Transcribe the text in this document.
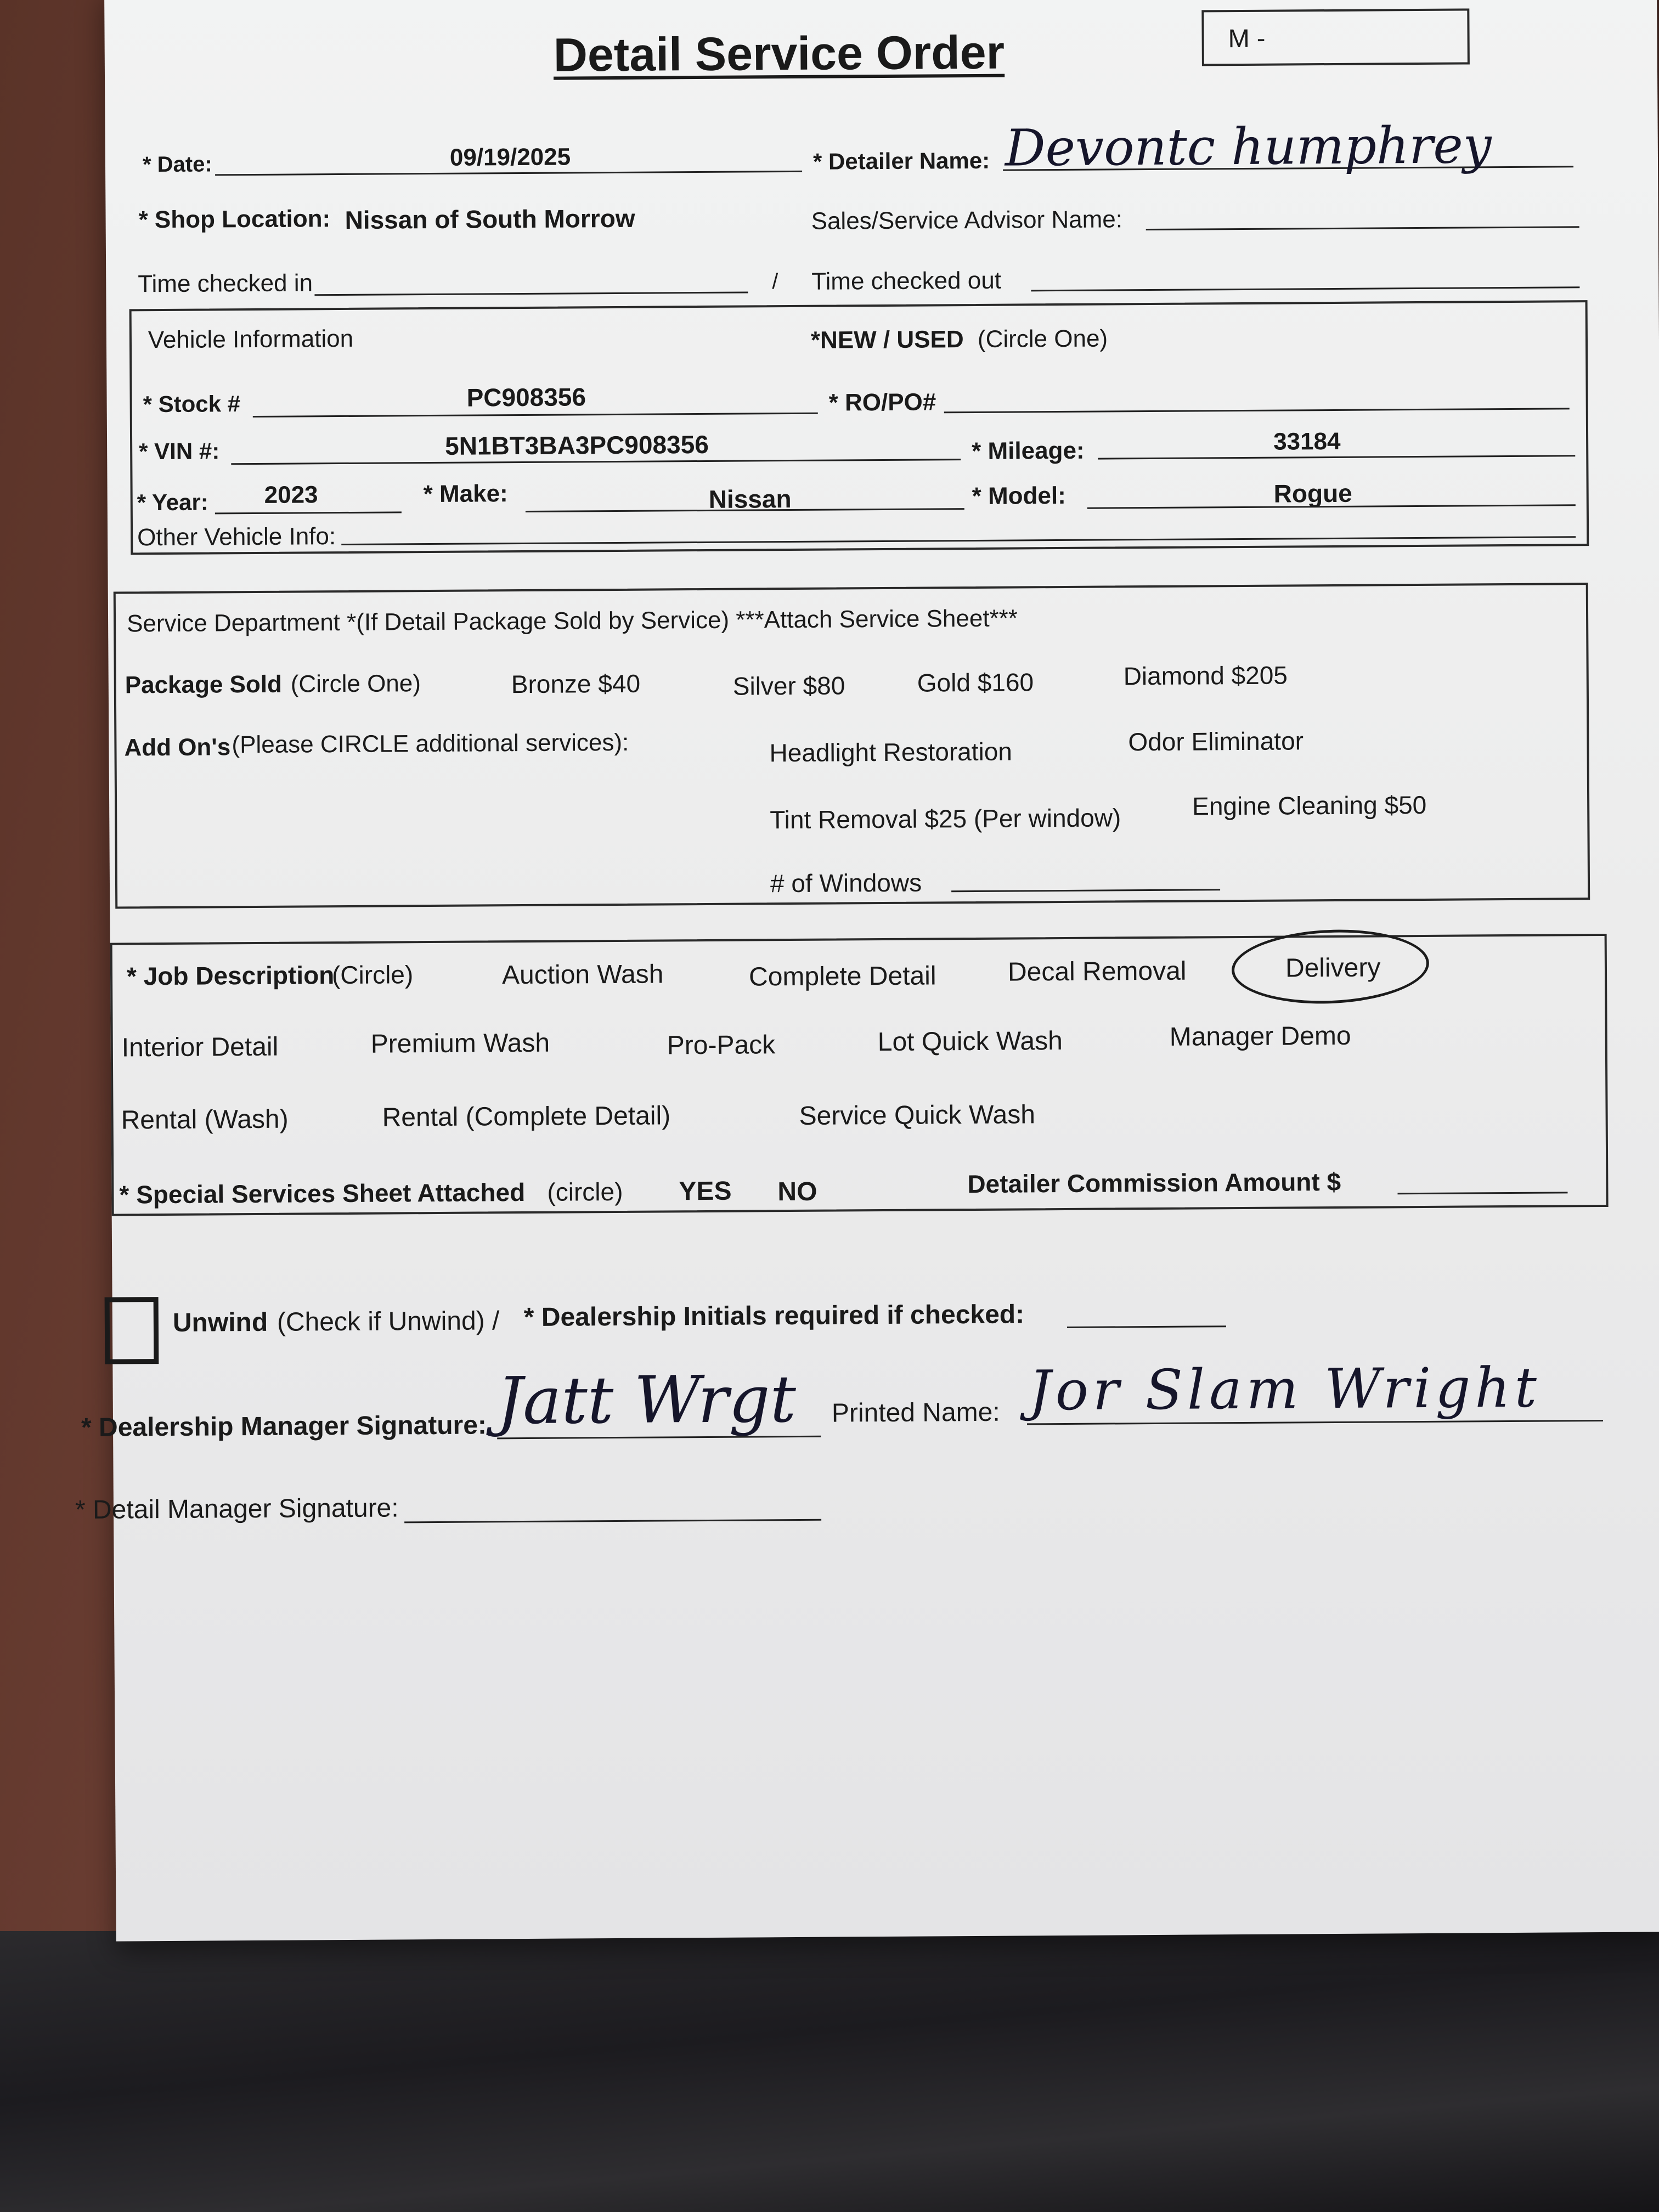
Detail Service Order	M -
* Date:	09/19/2025	* Detailer Name: Devontc humphrey
* Shop Location: Nissan of South Morrow	Sales/Service Advisor Name:
Time checked in	/ Time checked out
Vehicle Information	*NEW / USED (Circle One)
* Stock #	PC908356	* RO/PO#
* VIN #:	5N1BT3BA3PC908356	* Mileage:	33184
* Year: 2023	* Make:	Nissan	* Model:	Rogue
Other Vehicle Info:
Service Department *(If Detail Package Sold by Service) ***Attach Service Sheet***
Package Sold (Circle One)	Bronze $40	Silver $80	Gold $160	Diamond $205
Add On's (Please CIRCLE additional services):	Headlight Restoration	Odor Eliminator
Tint Removal $25 (Per window)	Engine Cleaning $50
# of Windows
* Job Description
(Circle)	Auction Wash	Complete Detail	Decal Removal	Delivery
Interior Detail	Premium Wash	Pro-Pack	Lot Quick Wash	Manager Demo
Rental (Wash)	Rental (Complete Detail)	Service Quick Wash
* Special Services Sheet Attached (circle) YES NO	Detailer Commission Amount $
Unwind (Check if Unwind) / * Dealership Initials required if checked:
* Dealership Manager Signature: Jatt Wrgt Printed Name: Jor Slam Wright
* Detail Manager Signature:
